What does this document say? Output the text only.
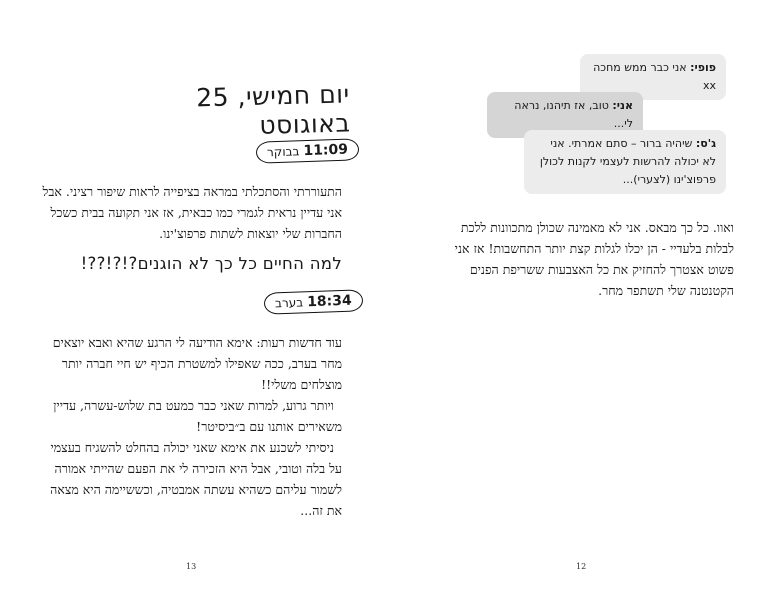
יום חמישי, 25 באוגוסט
11:09בבוקר
התעוררתי והסתכלתי במראה בציפייה לראות שיפור רציני. אבל אני עדיין נראית לגמרי כמו כבאית, אז אני תקועה בבית כשכל החברות שלי יוצאות לשתות פרפוצ'ינו.
למה החיים כל כך לא הוגנים?!?!??!
18:34בערב

עוד חדשות רעות: אימא הודיעה לי הרגע שהיא ואבא יוצאים מחר בערב, ככה שאפילו למשטרת הכיף יש חיי חברה יותר מוצלחים משלי!!

ויותר גרוע, למרות שאני כבר כמעט בת שלוש-עשרה, עדיין משאירים אותנו עם ב״ביסיטר!

ניסיתי לשכנע את אימא שאני יכולה בהחלט להשגיח בעצמי על בלה וטובי, אבל היא הזכירה לי את הפעם שהייתי אמורה לשמור עליהם כשהיא עשתה אמבטיה, וכששיימה היא מצאה את זה...

13
פופי: אני כבר ממש מחכה xx
אני: טוב, אז תיהנו, נראה לי...
ג'ס: שיהיה ברור – סתם אמרתי. אני לא יכולה להרשות לעצמי לקנות לכולן פרפוצ'ינו (לצערי)...
ואוו. כל כך מבאס. אני לא מאמינה שכולן מתכוונות ללכת לבלות בלעדיי - הן יכלו לגלות קצת יותר התחשבות! אז אני פשוט אצטרך להחזיק את כל האצבעות ששריפת הפנים הקטנטנה שלי תשתפר מחר.
12
